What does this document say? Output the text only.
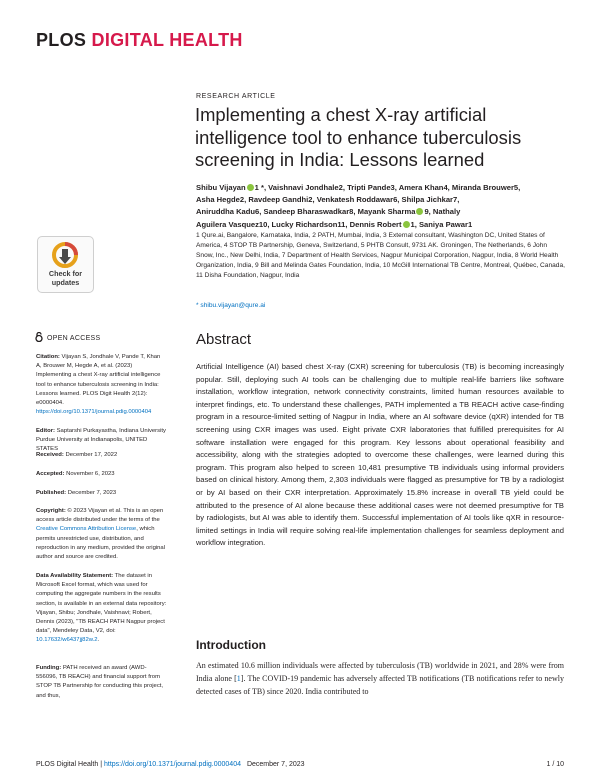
PLOS DIGITAL HEALTH
RESEARCH ARTICLE
Implementing a chest X-ray artificial intelligence tool to enhance tuberculosis screening in India: Lessons learned
Shibu Vijayan 1 *, Vaishnavi Jondhale2, Tripti Pande3, Amera Khan4, Miranda Brouwer5,
Asha Hegde2, Ravdeep Gandhi2, Venkatesh Roddawar6, Shilpa Jichkar7,
Aniruddha Kadu6, Sandeep Bharaswadkar8, Mayank Sharma 9, Nathaly
Aguilera Vasquez10, Lucky Richardson11, Dennis Robert 1, Saniya Pawar1
1 Qure.ai, Bangalore, Karnataka, India, 2 PATH, Mumbai, India, 3 External consultant, Washington DC, United States of America, 4 STOP TB Partnership, Geneva, Switzerland, 5 PHTB Consult, 9731 AK. Groningen, The Netherlands, 6 John Snow, Inc., New Delhi, India, 7 Department of Health Services, Nagpur Municipal Corporation, Nagpur, India, 8 World Health Organization, India, 9 Bill and Melinda Gates Foundation, India, 10 McGill International TB Centre, Montreal, Québec, Canada, 11 Disha Foundation, Nagpur, India
* shibu.vijayan@qure.ai
Check for
updates
OPEN ACCESS
Citation: Vijayan S, Jondhale V, Pande T, Khan A, Brouwer M, Hegde A, et al. (2023) Implementing a chest X-ray artificial intelligence tool to enhance tuberculosis screening in India: Lessons learned. PLOS Digit Health 2(12): e0000404. https://doi.org/10.1371/journal.pdig.0000404
Editor: Saptarshi Purkayastha, Indiana University Purdue University at Indianapolis, UNITED STATES
Received: December 17, 2022
Accepted: November 6, 2023
Published: December 7, 2023
Copyright: © 2023 Vijayan et al. This is an open access article distributed under the terms of the Creative Commons Attribution License, which permits unrestricted use, distribution, and reproduction in any medium, provided the original author and source are credited.
Data Availability Statement: The dataset in Microsoft Excel format, which was used for computing the aggregate numbers in the results section, is available in an external data repository: Vijayan, Shibu; Jondhale, Vaishnavi; Robert, Dennis (2023), "TB REACH PATH Nagpur project data", Mendeley Data, V2, doi: 10.17632/w6437jj82w.2.
Funding: PATH received an award (AWD-556096, TB REACH) and financial support from STOP TB Partnership for conducting this project, and thus,
Abstract
Artificial Intelligence (AI) based chest X-ray (CXR) screening for tuberculosis (TB) is becoming increasingly popular. Still, deploying such AI tools can be challenging due to multiple real-life barriers like software installation, workflow integration, network connectivity constraints, limited human resources available to interpret findings, etc. To understand these challenges, PATH implemented a TB REACH active case-finding program in a resource-limited setting of Nagpur in India, where an AI software device (qXR) intended for TB screening using CXR images was used. Eight private CXR laboratories that fulfilled prerequisites for AI software installation were engaged for this program. Key lessons about operational feasibility and accessibility, along with the strategies adopted to overcome these challenges, were learned during this program. This program also helped to screen 10,481 presumptive TB individuals using informal providers based on clinical history. Among them, 2,303 individuals were flagged as presumptive for TB by a radiologist or by AI based on their CXR interpretation. Approximately 15.8% increase in overall TB yield could be attributed to the presence of AI alone because these additional cases were not deemed presumptive for TB by radiologists, but AI was able to identify them. Successful implementation of AI tools like qXR in resource-limited settings in India will require solving real-life implementation challenges for seamless deployment and workflow integration.
Introduction
An estimated 10.6 million individuals were affected by tuberculosis (TB) worldwide in 2021, and 28% were from India alone [1]. The COVID-19 pandemic has adversely affected TB notifications (TB notifications refer to newly detected cases of TB) since 2020. India contributed to
PLOS Digital Health | https://doi.org/10.1371/journal.pdig.0000404 December 7, 2023	1 / 10
